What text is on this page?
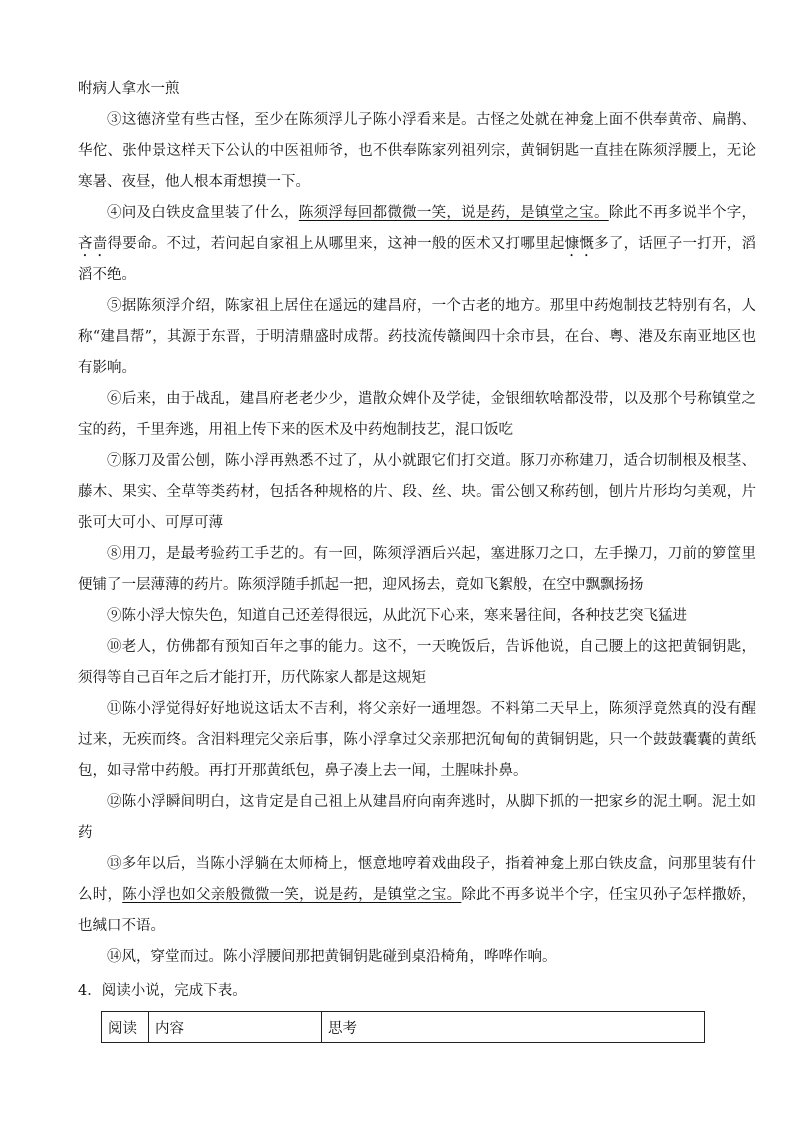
咐病人拿水一煎

③这德济堂有些古怪，至少在陈须浮儿子陈小浮看来是。古怪之处就在神龛上面不供奉黄帝、扁鹊、华佗、张仲景这样天下公认的中医祖师爷，也不供奉陈家列祖列宗，黄铜钥匙一直挂在陈须浮腰上，无论寒暑、夜昼，他人根本甭想摸一下。

④问及白铁皮盒里装了什么，陈须浮每回都微微一笑，说是药，是镇堂之宝。除此不再多说半个字，吝啬得要命。不过，若问起自家祖上从哪里来，这神一般的医术又打哪里起慷慨多了，话匣子一打开，滔滔不绝。

⑤据陈须浮介绍，陈家祖上居住在遥远的建昌府，一个古老的地方。那里中药炮制技艺特别有名，人称“建昌帮”，其源于东晋，于明清鼎盛时成帮。药技流传赣闽四十余市县，在台、粤、港及东南亚地区也有影响。

⑥后来，由于战乱，建昌府老老少少，遣散众婢仆及学徒，金银细软啥都没带，以及那个号称镇堂之宝的药，千里奔逃，用祖上传下来的医术及中药炮制技艺，混口饭吃

⑦豚刀及雷公刨，陈小浮再熟悉不过了，从小就跟它们打交道。豚刀亦称建刀，适合切制根及根茎、藤木、果实、全草等类药材，包括各种规格的片、段、丝、块。雷公刨又称药刨，刨片片形均匀美观，片张可大可小、可厚可薄

⑧用刀，是最考验药工手艺的。有一回，陈须浮酒后兴起，塞进豚刀之口，左手操刀，刀前的箩筐里便铺了一层薄薄的药片。陈须浮随手抓起一把，迎风扬去，竟如飞絮般，在空中飘飘扬扬

⑨陈小浮大惊失色，知道自己还差得很远，从此沉下心来，寒来暑往间，各种技艺突飞猛进

⑩老人，仿佛都有预知百年之事的能力。这不，一天晚饭后，告诉他说，自己腰上的这把黄铜钥匙，须得等自己百年之后才能打开，历代陈家人都是这规矩

⑪陈小浮觉得好好地说这话太不吉利，将父亲好一通埋怨。不料第二天早上，陈须浮竟然真的没有醒过来，无疾而终。含泪料理完父亲后事，陈小浮拿过父亲那把沉甸甸的黄铜钥匙，只一个鼓鼓囊囊的黄纸包，如寻常中药般。再打开那黄纸包，鼻子凑上去一闻，土腥味扑鼻。

⑫陈小浮瞬间明白，这肯定是自己祖上从建昌府向南奔逃时，从脚下抓的一把家乡的泥土啊。泥土如药

⑬多年以后，当陈小浮躺在太师椅上，惬意地哼着戏曲段子，指着神龛上那白铁皮盒，问那里装有什么时，陈小浮也如父亲般微微一笑，说是药，是镇堂之宝。除此不再多说半个字，任宝贝孙子怎样撒娇，也缄口不语。

⑭风，穿堂而过。陈小浮腰间那把黄铜钥匙碰到桌沿椅角，哗哗作响。

4．阅读小说，完成下表。
阅读	内容	思考
